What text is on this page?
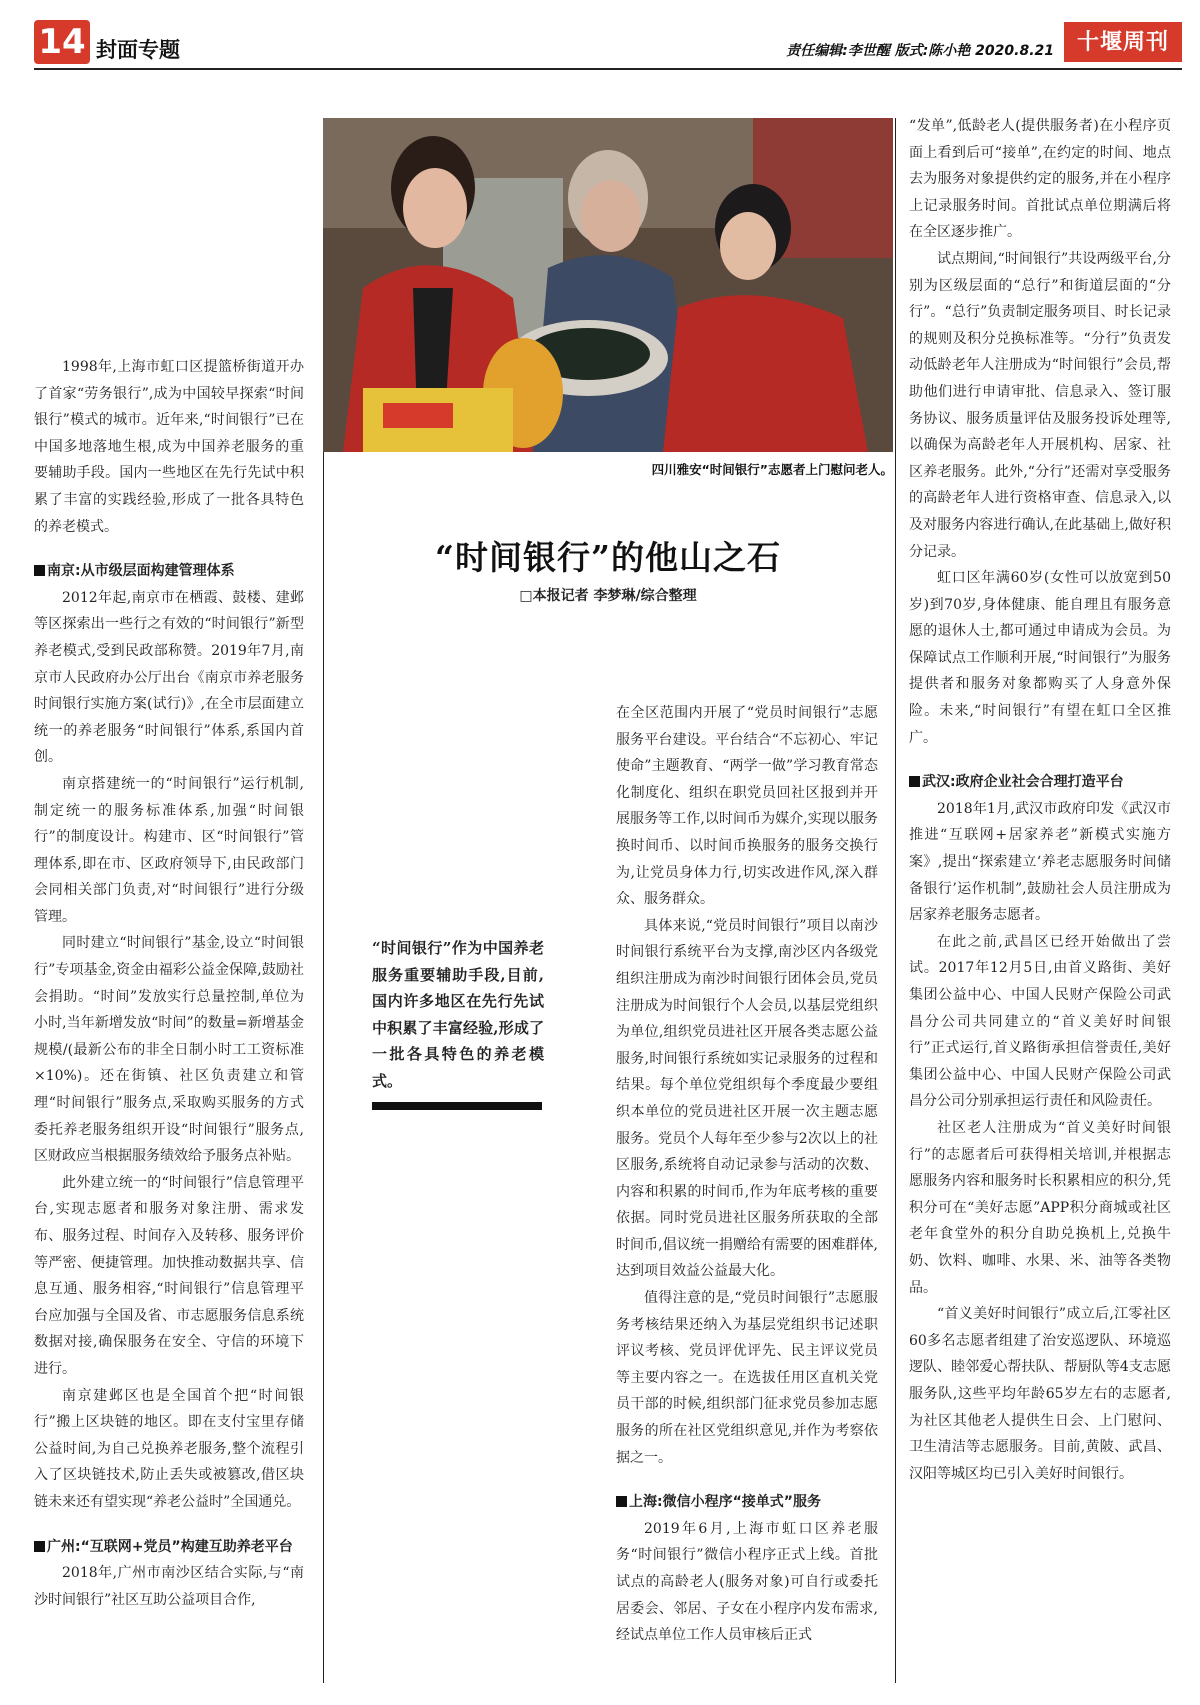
14 封面专题	责任编辑:李世醒 版式:陈小艳 2020.8.21	十堰周刊

1998年,上海市虹口区提篮桥街道开办了首家“劳务银行”,成为中国较早探索“时间银行”模式的城市。近年来,“时间银行”已在中国多地落地生根,成为中国养老服务的重要辅助手段。国内一些地区在先行先试中积累了丰富的实践经验,形成了一批各具特色的养老模式。

南京:从市级层面构建管理体系

2012年起,南京市在栖霞、鼓楼、建邺等区探索出一些行之有效的“时间银行”新型养老模式,受到民政部称赞。2019年7月,南京市人民政府办公厅出台《南京市养老服务时间银行实施方案(试行)》,在全市层面建立统一的养老服务“时间银行”体系,系国内首创。

南京搭建统一的“时间银行”运行机制,制定统一的服务标准体系,加强“时间银行”的制度设计。构建市、区“时间银行”管理体系,即在市、区政府领导下,由民政部门会同相关部门负责,对“时间银行”进行分级管理。

同时建立“时间银行”基金,设立“时间银行”专项基金,资金由福彩公益金保障,鼓励社会捐助。“时间”发放实行总量控制,单位为小时,当年新增发放“时间”的数量=新增基金规模/(最新公布的非全日制小时工工资标准×10%)。还在街镇、社区负责建立和管理“时间银行”服务点,采取购买服务的方式委托养老服务组织开设“时间银行”服务点,区财政应当根据服务绩效给予服务点补贴。

此外建立统一的“时间银行”信息管理平台,实现志愿者和服务对象注册、需求发布、服务过程、时间存入及转移、服务评价等严密、便捷管理。加快推动数据共享、信息互通、服务相容,“时间银行”信息管理平台应加强与全国及省、市志愿服务信息系统数据对接,确保服务在安全、守信的环境下进行。

南京建邺区也是全国首个把“时间银行”搬上区块链的地区。即在支付宝里存储公益时间,为自己兑换养老服务,整个流程引入了区块链技术,防止丢失或被篡改,借区块链未来还有望实现“养老公益时”全国通兑。

广州:“互联网+党员”构建互助养老平台

2018年,广州市南沙区结合实际,与“南沙时间银行”社区互助公益项目合作,

四川雅安“时间银行”志愿者上门慰问老人。
“时间银行”的他山之石
□本报记者 李梦琳/综合整理
“时间银行”作为中国养老服务重要辅助手段,目前,国内许多地区在先行先试中积累了丰富经验,形成了一批各具特色的养老模式。

在全区范围内开展了“党员时间银行”志愿服务平台建设。平台结合“不忘初心、牢记使命”主题教育、“两学一做”学习教育常态化制度化、组织在职党员回社区报到并开展服务等工作,以时间币为媒介,实现以服务换时间币、以时间币换服务的服务交换行为,让党员身体力行,切实改进作风,深入群众、服务群众。

具体来说,“党员时间银行”项目以南沙时间银行系统平台为支撑,南沙区内各级党组织注册成为南沙时间银行团体会员,党员注册成为时间银行个人会员,以基层党组织为单位,组织党员进社区开展各类志愿公益服务,时间银行系统如实记录服务的过程和结果。每个单位党组织每个季度最少要组织本单位的党员进社区开展一次主题志愿服务。党员个人每年至少参与2次以上的社区服务,系统将自动记录参与活动的次数、内容和积累的时间币,作为年底考核的重要依据。同时党员进社区服务所获取的全部时间币,倡议统一捐赠给有需要的困难群体,达到项目效益公益最大化。

值得注意的是,“党员时间银行”志愿服务考核结果还纳入为基层党组织书记述职评议考核、党员评优评先、民主评议党员等主要内容之一。在选拔任用区直机关党员干部的时候,组织部门征求党员参加志愿服务的所在社区党组织意见,并作为考察依据之一。

上海:微信小程序“接单式”服务

2019年6月,上海市虹口区养老服务“时间银行”微信小程序正式上线。首批试点的高龄老人(服务对象)可自行或委托居委会、邻居、子女在小程序内发布需求,经试点单位工作人员审核后正式

“发单”,低龄老人(提供服务者)在小程序页面上看到后可“接单”,在约定的时间、地点去为服务对象提供约定的服务,并在小程序上记录服务时间。首批试点单位期满后将在全区逐步推广。

试点期间,“时间银行”共设两级平台,分别为区级层面的“总行”和街道层面的“分行”。“总行”负责制定服务项目、时长记录的规则及积分兑换标准等。“分行”负责发动低龄老年人注册成为“时间银行”会员,帮助他们进行申请审批、信息录入、签订服务协议、服务质量评估及服务投诉处理等,以确保为高龄老年人开展机构、居家、社区养老服务。此外,“分行”还需对享受服务的高龄老年人进行资格审查、信息录入,以及对服务内容进行确认,在此基础上,做好积分记录。

虹口区年满60岁(女性可以放宽到50岁)到70岁,身体健康、能自理且有服务意愿的退休人士,都可通过申请成为会员。为保障试点工作顺利开展,“时间银行”为服务提供者和服务对象都购买了人身意外保险。未来,“时间银行”有望在虹口全区推广。

武汉:政府企业社会合理打造平台

2018年1月,武汉市政府印发《武汉市推进“互联网+居家养老”新模式实施方案》,提出“探索建立‘养老志愿服务时间储备银行’运作机制”,鼓励社会人员注册成为居家养老服务志愿者。

在此之前,武昌区已经开始做出了尝试。2017年12月5日,由首义路街、美好集团公益中心、中国人民财产保险公司武昌分公司共同建立的“首义美好时间银行”正式运行,首义路街承担信誉责任,美好集团公益中心、中国人民财产保险公司武昌分公司分别承担运行责任和风险责任。

社区老人注册成为“首义美好时间银行”的志愿者后可获得相关培训,并根据志愿服务内容和服务时长积累相应的积分,凭积分可在“美好志愿”APP积分商城或社区老年食堂外的积分自助兑换机上,兑换牛奶、饮料、咖啡、水果、米、油等各类物品。

“首义美好时间银行”成立后,江零社区60多名志愿者组建了治安巡逻队、环境巡逻队、睦邻爱心帮扶队、帮厨队等4支志愿服务队,这些平均年龄65岁左右的志愿者,为社区其他老人提供生日会、上门慰问、卫生清洁等志愿服务。目前,黄陂、武昌、汉阳等城区均已引入美好时间银行。
